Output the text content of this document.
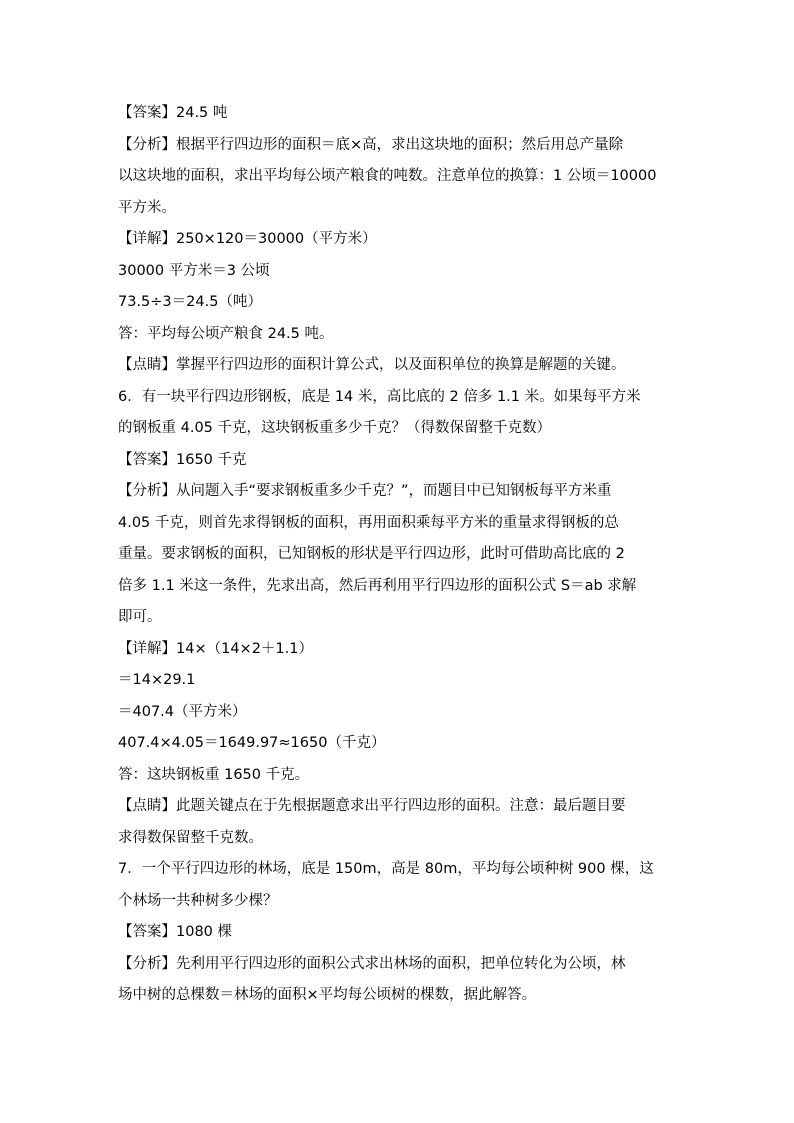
【答案】24.5 吨
【分析】根据平行四边形的面积＝底×高，求出这块地的面积；然后用总产量除
以这块地的面积，求出平均每公顷产粮食的吨数。注意单位的换算：1 公顷＝10000
平方米。
【详解】250×120＝30000（平方米）
30000 平方米＝3 公顷
73.5÷3＝24.5（吨）
答：平均每公顷产粮食 24.5 吨。
【点睛】掌握平行四边形的面积计算公式，以及面积单位的换算是解题的关键。
6．有一块平行四边形钢板，底是 14 米，高比底的 2 倍多 1.1 米。如果每平方米
的钢板重 4.05 千克，这块钢板重多少千克？（得数保留整千克数）
【答案】1650 千克
【分析】从问题入手“要求钢板重多少千克？”，而题目中已知钢板每平方米重
4.05 千克，则首先求得钢板的面积，再用面积乘每平方米的重量求得钢板的总
重量。要求钢板的面积，已知钢板的形状是平行四边形，此时可借助高比底的 2
倍多 1.1 米这一条件，先求出高，然后再利用平行四边形的面积公式 S＝ab 求解
即可。
【详解】14×（14×2＋1.1）
＝14×29.1
＝407.4（平方米）
407.4×4.05＝1649.97≈1650（千克）
答：这块钢板重 1650 千克。
【点睛】此题关键点在于先根据题意求出平行四边形的面积。注意：最后题目要
求得数保留整千克数。
7．一个平行四边形的林场，底是 150m，高是 80m，平均每公顷种树 900 棵，这
个林场一共种树多少棵？
【答案】1080 棵
【分析】先利用平行四边形的面积公式求出林场的面积，把单位转化为公顷，林
场中树的总棵数＝林场的面积×平均每公顷树的棵数，据此解答。
